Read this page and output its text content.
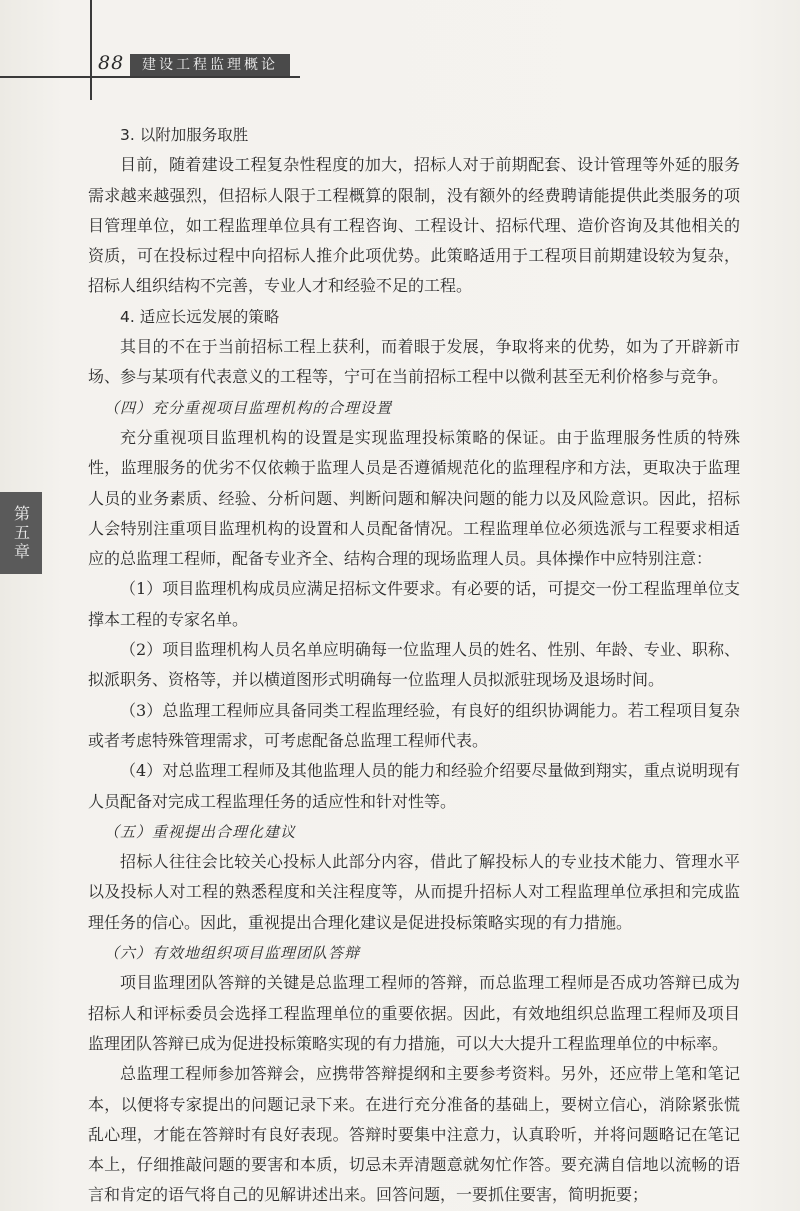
88	建设工程监理概论
第五章

3. 以附加服务取胜

目前，随着建设工程复杂性程度的加大，招标人对于前期配套、设计管理等外延的服务需求越来越强烈，但招标人限于工程概算的限制，没有额外的经费聘请能提供此类服务的项目管理单位，如工程监理单位具有工程咨询、工程设计、招标代理、造价咨询及其他相关的资质，可在投标过程中向招标人推介此项优势。此策略适用于工程项目前期建设较为复杂，招标人组织结构不完善，专业人才和经验不足的工程。

4. 适应长远发展的策略

其目的不在于当前招标工程上获利，而着眼于发展，争取将来的优势，如为了开辟新市场、参与某项有代表意义的工程等，宁可在当前招标工程中以微利甚至无利价格参与竞争。

（四）充分重视项目监理机构的合理设置

充分重视项目监理机构的设置是实现监理投标策略的保证。由于监理服务性质的特殊性，监理服务的优劣不仅依赖于监理人员是否遵循规范化的监理程序和方法，更取决于监理人员的业务素质、经验、分析问题、判断问题和解决问题的能力以及风险意识。因此，招标人会特别注重项目监理机构的设置和人员配备情况。工程监理单位必须选派与工程要求相适应的总监理工程师，配备专业齐全、结构合理的现场监理人员。具体操作中应特别注意：

（1）项目监理机构成员应满足招标文件要求。有必要的话，可提交一份工程监理单位支撑本工程的专家名单。

（2）项目监理机构人员名单应明确每一位监理人员的姓名、性别、年龄、专业、职称、拟派职务、资格等，并以横道图形式明确每一位监理人员拟派驻现场及退场时间。

（3）总监理工程师应具备同类工程监理经验，有良好的组织协调能力。若工程项目复杂或者考虑特殊管理需求，可考虑配备总监理工程师代表。

（4）对总监理工程师及其他监理人员的能力和经验介绍要尽量做到翔实，重点说明现有人员配备对完成工程监理任务的适应性和针对性等。

（五）重视提出合理化建议

招标人往往会比较关心投标人此部分内容，借此了解投标人的专业技术能力、管理水平以及投标人对工程的熟悉程度和关注程度等，从而提升招标人对工程监理单位承担和完成监理任务的信心。因此，重视提出合理化建议是促进投标策略实现的有力措施。

（六）有效地组织项目监理团队答辩

项目监理团队答辩的关键是总监理工程师的答辩，而总监理工程师是否成功答辩已成为招标人和评标委员会选择工程监理单位的重要依据。因此，有效地组织总监理工程师及项目监理团队答辩已成为促进投标策略实现的有力措施，可以大大提升工程监理单位的中标率。

总监理工程师参加答辩会，应携带答辩提纲和主要参考资料。另外，还应带上笔和笔记本，以便将专家提出的问题记录下来。在进行充分准备的基础上，要树立信心，消除紧张慌乱心理，才能在答辩时有良好表现。答辩时要集中注意力，认真聆听，并将问题略记在笔记本上，仔细推敲问题的要害和本质，切忌未弄清题意就匆忙作答。要充满自信地以流畅的语言和肯定的语气将自己的见解讲述出来。回答问题，一要抓住要害，简明扼要；
